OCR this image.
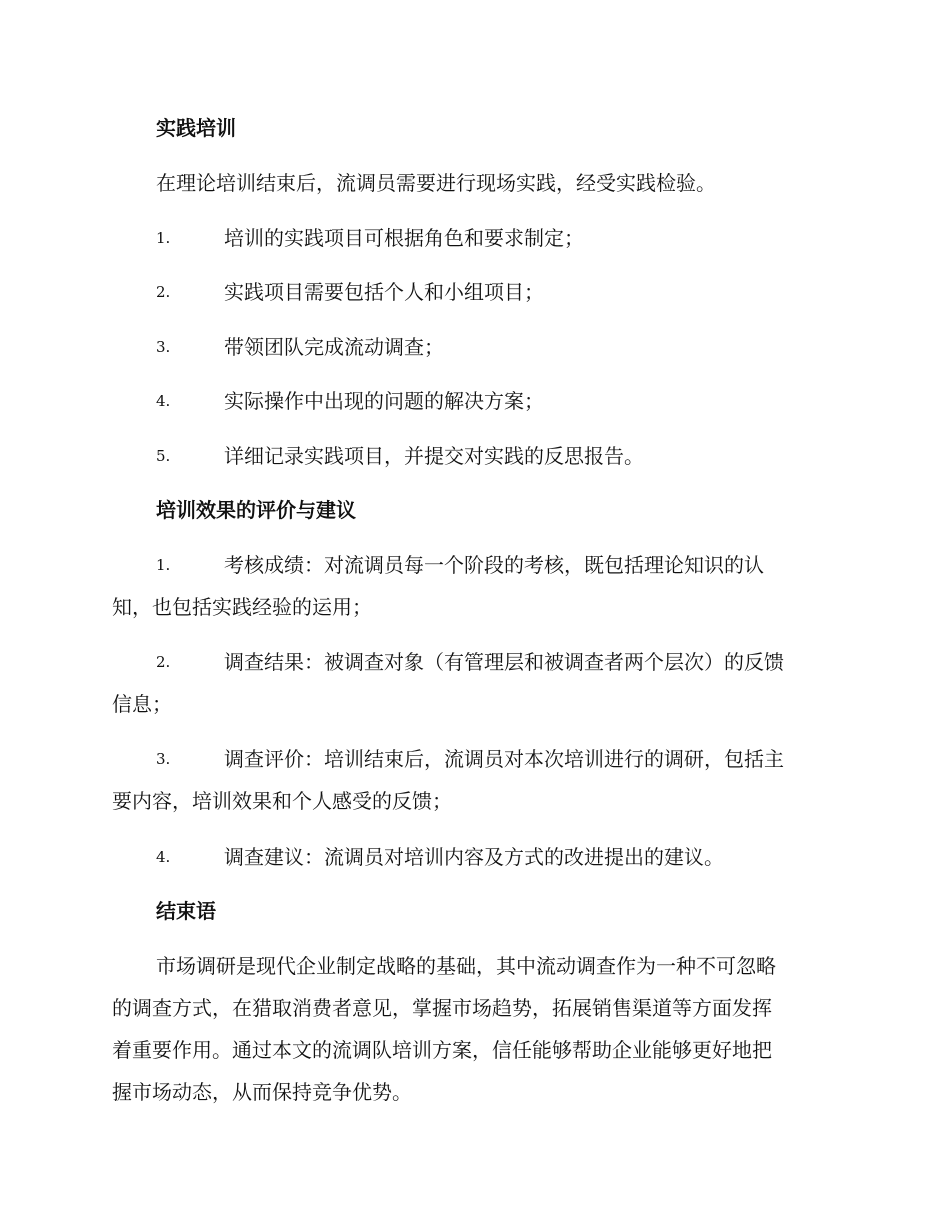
实践培训
在理论培训结束后，流调员需要进行现场实践，经受实践检验。
1.	培训的实践项目可根据角色和要求制定；
2.	实践项目需要包括个人和小组项目；
3.	带领团队完成流动调查；
4.	实际操作中出现的问题的解决方案；
5.	详细记录实践项目，并提交对实践的反思报告。
培训效果的评价与建议
1.	考核成绩：对流调员每一个阶段的考核，既包括理论知识的认
知，也包括实践经验的运用；
2.	调查结果：被调查对象（有管理层和被调查者两个层次）的反馈
信息；
3.	调查评价：培训结束后，流调员对本次培训进行的调研，包括主
要内容，培训效果和个人感受的反馈；
4.	调查建议：流调员对培训内容及方式的改进提出的建议。
结束语
市场调研是现代企业制定战略的基础，其中流动调查作为一种不可忽略
的调查方式，在猎取消费者意见，掌握市场趋势，拓展销售渠道等方面发挥
着重要作用。通过本文的流调队培训方案，信任能够帮助企业能够更好地把
握市场动态，从而保持竞争优势。
